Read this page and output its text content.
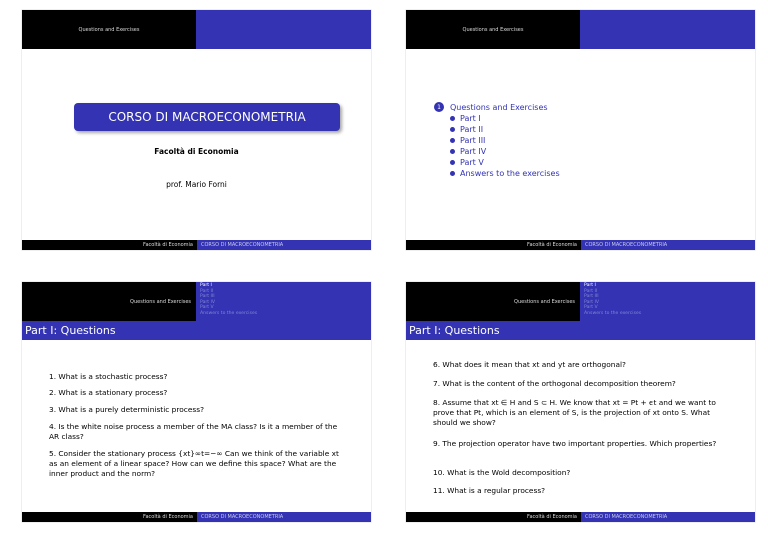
Questions and Exercises
CORSO DI MACROECONOMETRIA
Facoltà di Economia
prof. Mario Forni
Facoltà di Economia	CORSO DI MACROECONOMETRIA
Questions and Exercises
1	Questions and Exercises
Part I
Part II
Part III
Part IV
Part V
Answers to the exercises
Facoltà di Economia	CORSO DI MACROECONOMETRIA
Questions and Exercises
Part I
Part II
Part III
Part IV
Part V
Answers to the exercises
Part I: Questions
1. What is a stochastic process?
2. What is a stationary process?
3. What is a purely deterministic process?
4. Is the white noise process a member of the MA class? Is it a member of the AR class?
5. Consider the stationary process {xt}∞t=−∞ Can we think of the variable xt as an element of a linear space? How can we define this space? What are the inner product and the norm?
Facoltà di Economia	CORSO DI MACROECONOMETRIA
Questions and Exercises
Part I
Part II
Part III
Part IV
Part V
Answers to the exercises
Part I: Questions
6. What does it mean that xt and yt are orthogonal?
7. What is the content of the orthogonal decomposition theorem?
8. Assume that xt ∈ H and S ⊂ H. We know that xt = Pt + ϵt and we want to prove that Pt, which is an element of S, is the projection of xt onto S. What should we show?
9. The projection operator have two important properties. Which properties?
10. What is the Wold decomposition?
11. What is a regular process?
Facoltà di Economia	CORSO DI MACROECONOMETRIA
